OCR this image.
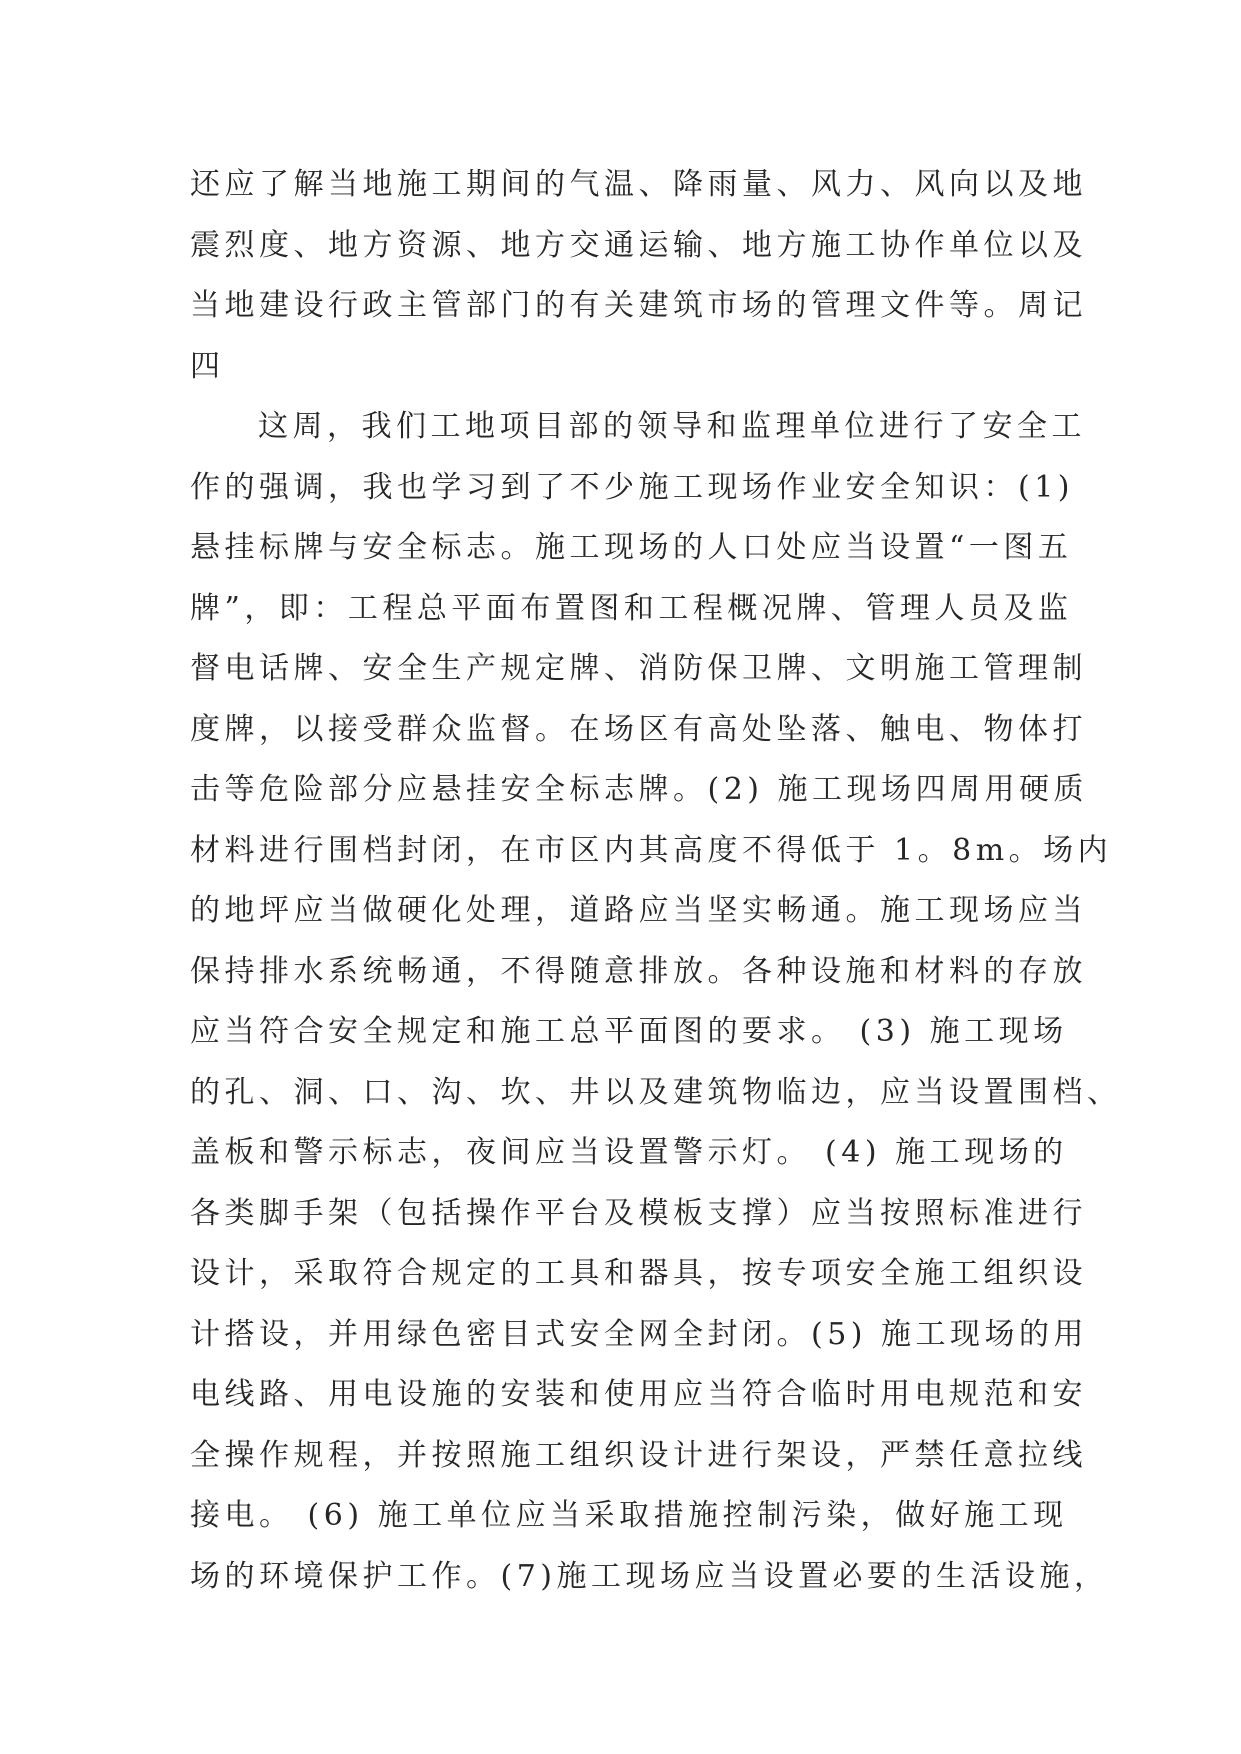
还应了解当地施工期间的气温、降雨量、风力、风向以及地
震烈度、地方资源、地方交通运输、地方施工协作单位以及
当地建设行政主管部门的有关建筑市场的管理文件等。周记
四
这周，我们工地项目部的领导和监理单位进行了安全工
作的强调，我也学习到了不少施工现场作业安全知识：(1)
悬挂标牌与安全标志。施工现场的人口处应当设置“一图五
牌”，即：工程总平面布置图和工程概况牌、管理人员及监
督电话牌、安全生产规定牌、消防保卫牌、文明施工管理制
度牌，以接受群众监督。在场区有高处坠落、触电、物体打
击等危险部分应悬挂安全标志牌。(2) 施工现场四周用硬质
材料进行围档封闭，在市区内其高度不得低于 1。8m。场内
的地坪应当做硬化处理，道路应当坚实畅通。施工现场应当
保持排水系统畅通，不得随意排放。各种设施和材料的存放
应当符合安全规定和施工总平面图的要求。 (3) 施工现场
的孔、洞、口、沟、坎、井以及建筑物临边，应当设置围档、
盖板和警示标志，夜间应当设置警示灯。 (4) 施工现场的
各类脚手架（包括操作平台及模板支撑）应当按照标准进行
设计，采取符合规定的工具和器具，按专项安全施工组织设
计搭设，并用绿色密目式安全网全封闭。(5) 施工现场的用
电线路、用电设施的安装和使用应当符合临时用电规范和安
全操作规程，并按照施工组织设计进行架设，严禁任意拉线
接电。 (6) 施工单位应当采取措施控制污染，做好施工现
场的环境保护工作。(7)施工现场应当设置必要的生活设施，
